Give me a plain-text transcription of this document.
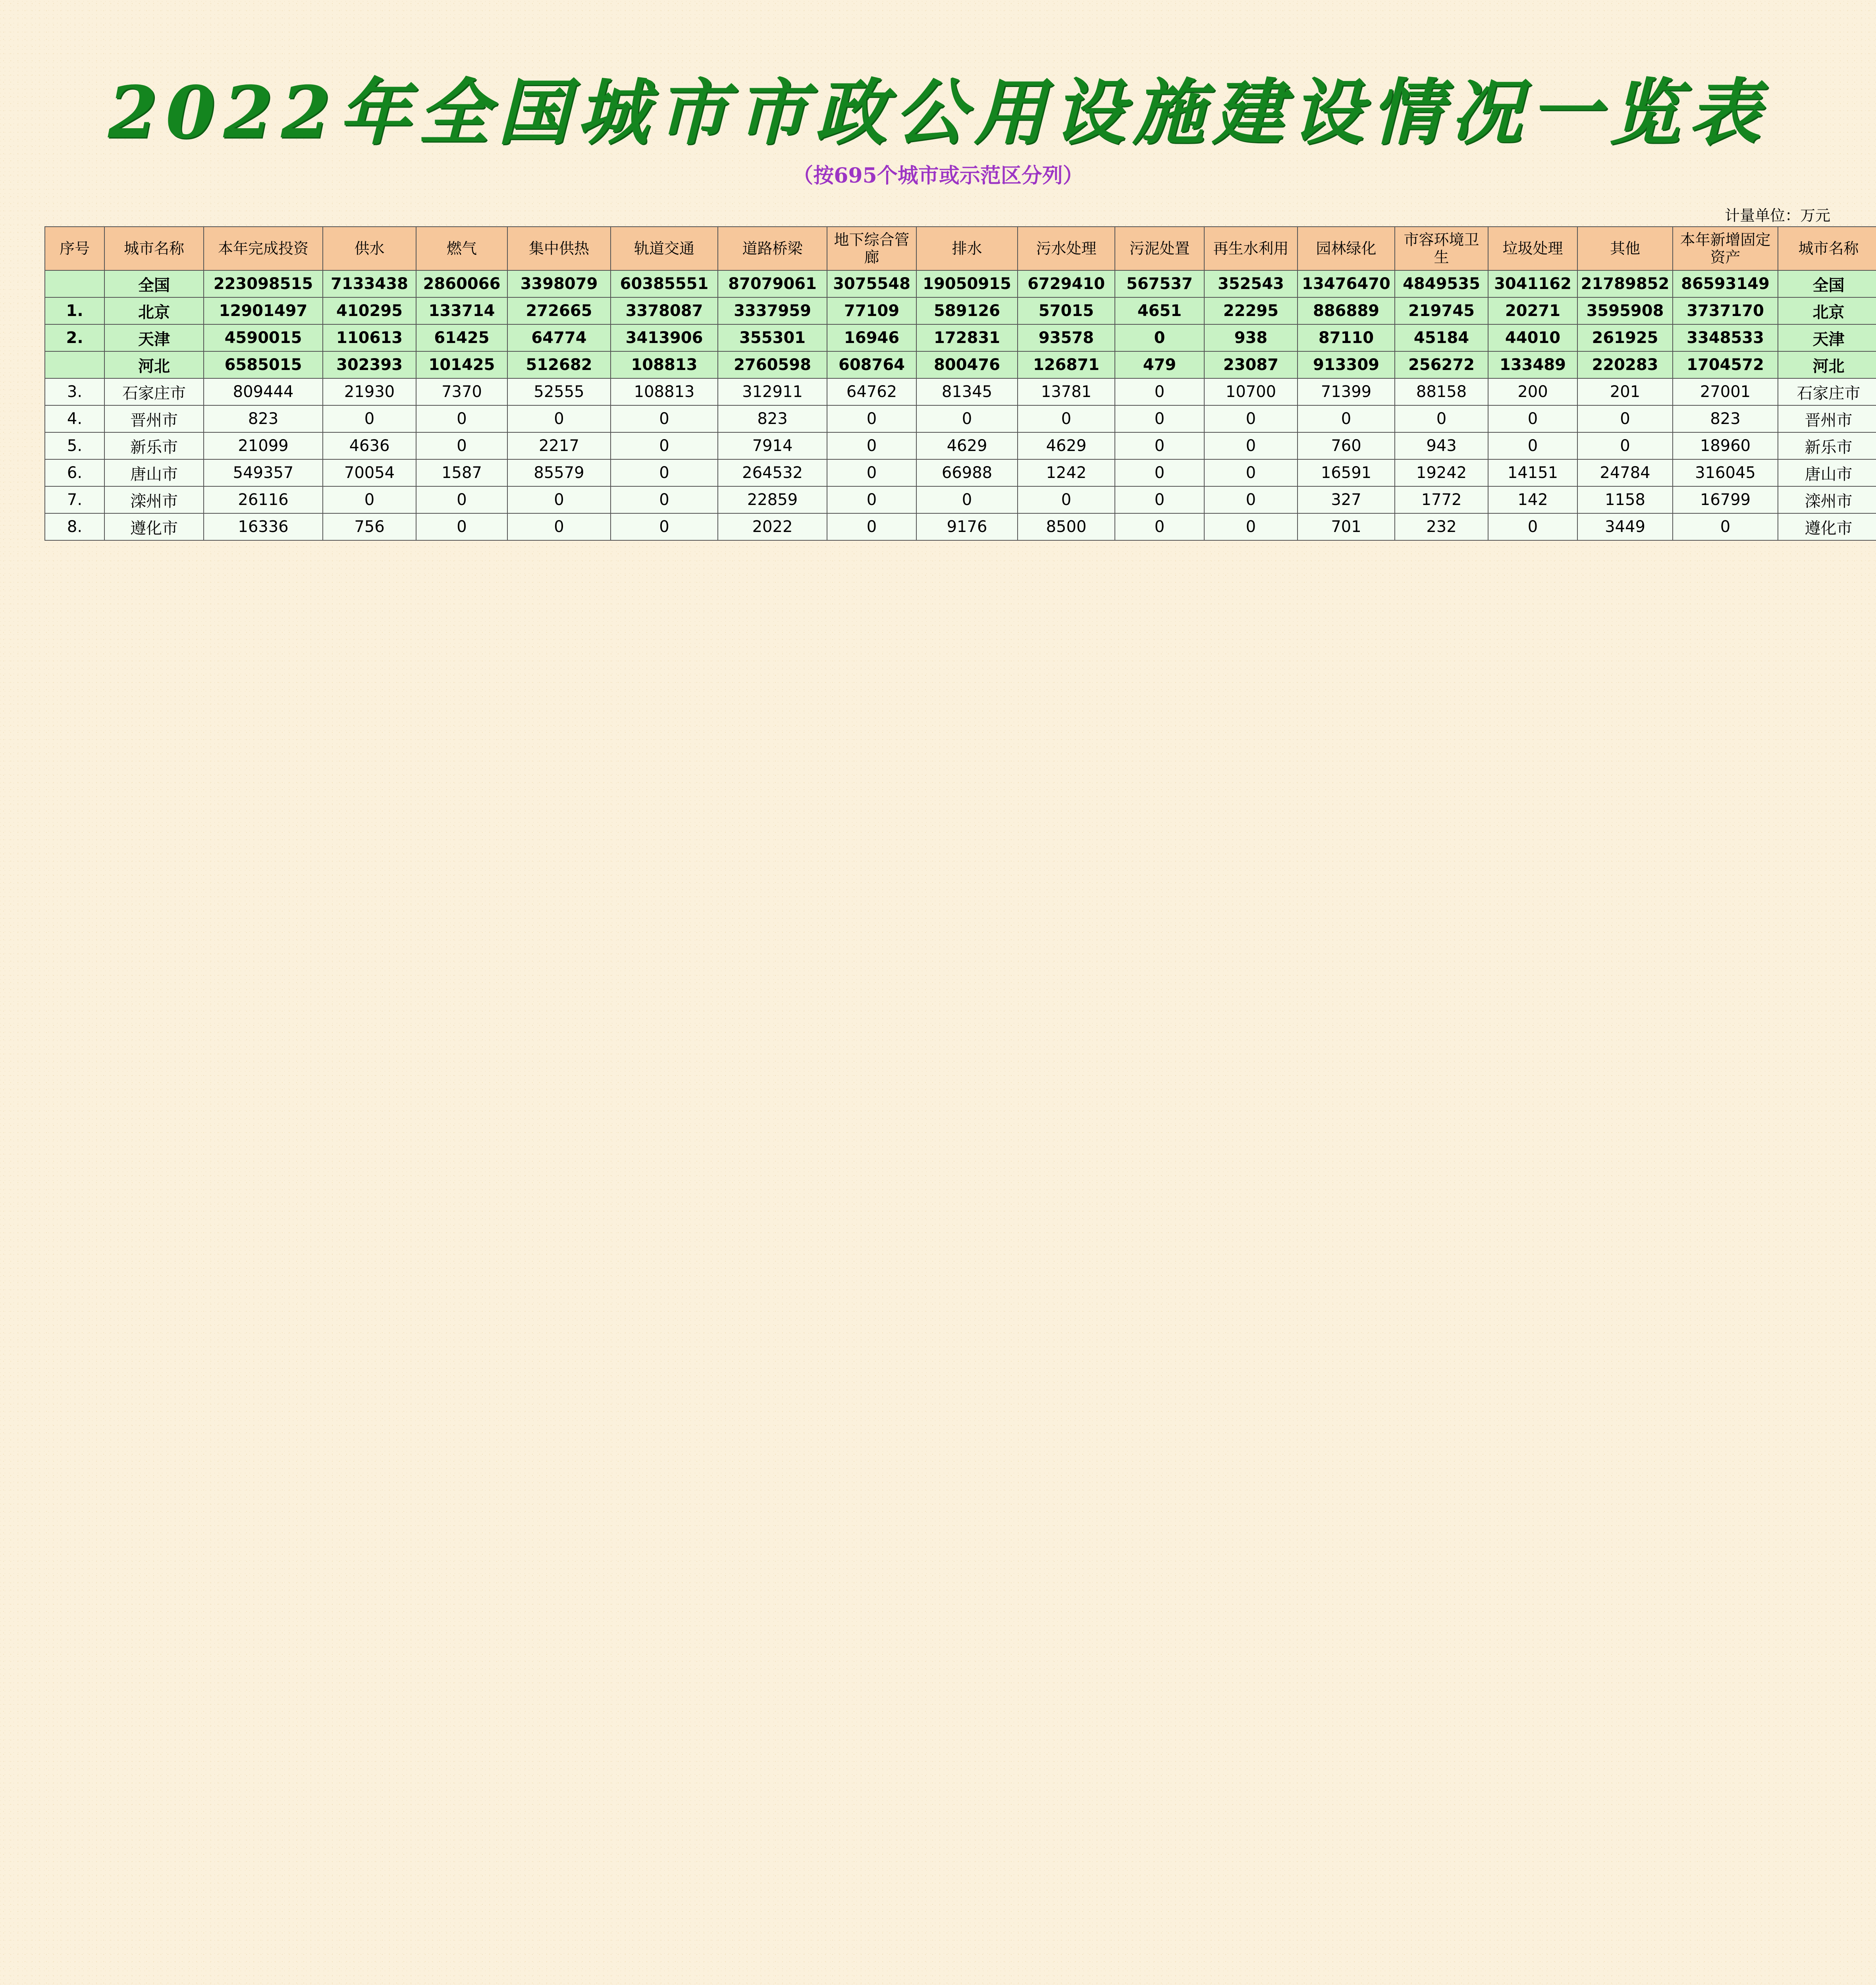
2022年全国城市市政公用设施建设情况一览表
（按695个城市或示范区分列）
计量单位：万元
序号	城市名称	本年完成投资	供水	燃气	集中供热	轨道交通	道路桥梁	地下综合管廊	排水	污水处理	污泥处置	再生水利用	园林绿化	市容环境卫生	垃圾处理	其他	本年新增固定资产	城市名称
	全国	223098515	7133438	2860066	3398079	60385551	87079061	3075548	19050915	6729410	567537	352543	13476470	4849535	3041162	21789852	86593149	全国
1.	北京	12901497	410295	133714	272665	3378087	3337959	77109	589126	57015	4651	22295	886889	219745	20271	3595908	3737170	北京
2.	天津	4590015	110613	61425	64774	3413906	355301	16946	172831	93578	0	938	87110	45184	44010	261925	3348533	天津
	河北	6585015	302393	101425	512682	108813	2760598	608764	800476	126871	479	23087	913309	256272	133489	220283	1704572	河北
3.	石家庄市	809444	21930	7370	52555	108813	312911	64762	81345	13781	0	10700	71399	88158	200	201	27001	石家庄市
4.	晋州市	823	0	0	0	0	823	0	0	0	0	0	0	0	0	0	823	晋州市
5.	新乐市	21099	4636	0	2217	0	7914	0	4629	4629	0	0	760	943	0	0	18960	新乐市
6.	唐山市	549357	70054	1587	85579	0	264532	0	66988	1242	0	0	16591	19242	14151	24784	316045	唐山市
7.	滦州市	26116	0	0	0	0	22859	0	0	0	0	0	327	1772	142	1158	16799	滦州市
8.	遵化市	16336	756	0	0	0	2022	0	9176	8500	0	0	701	232	0	3449	0	遵化市
